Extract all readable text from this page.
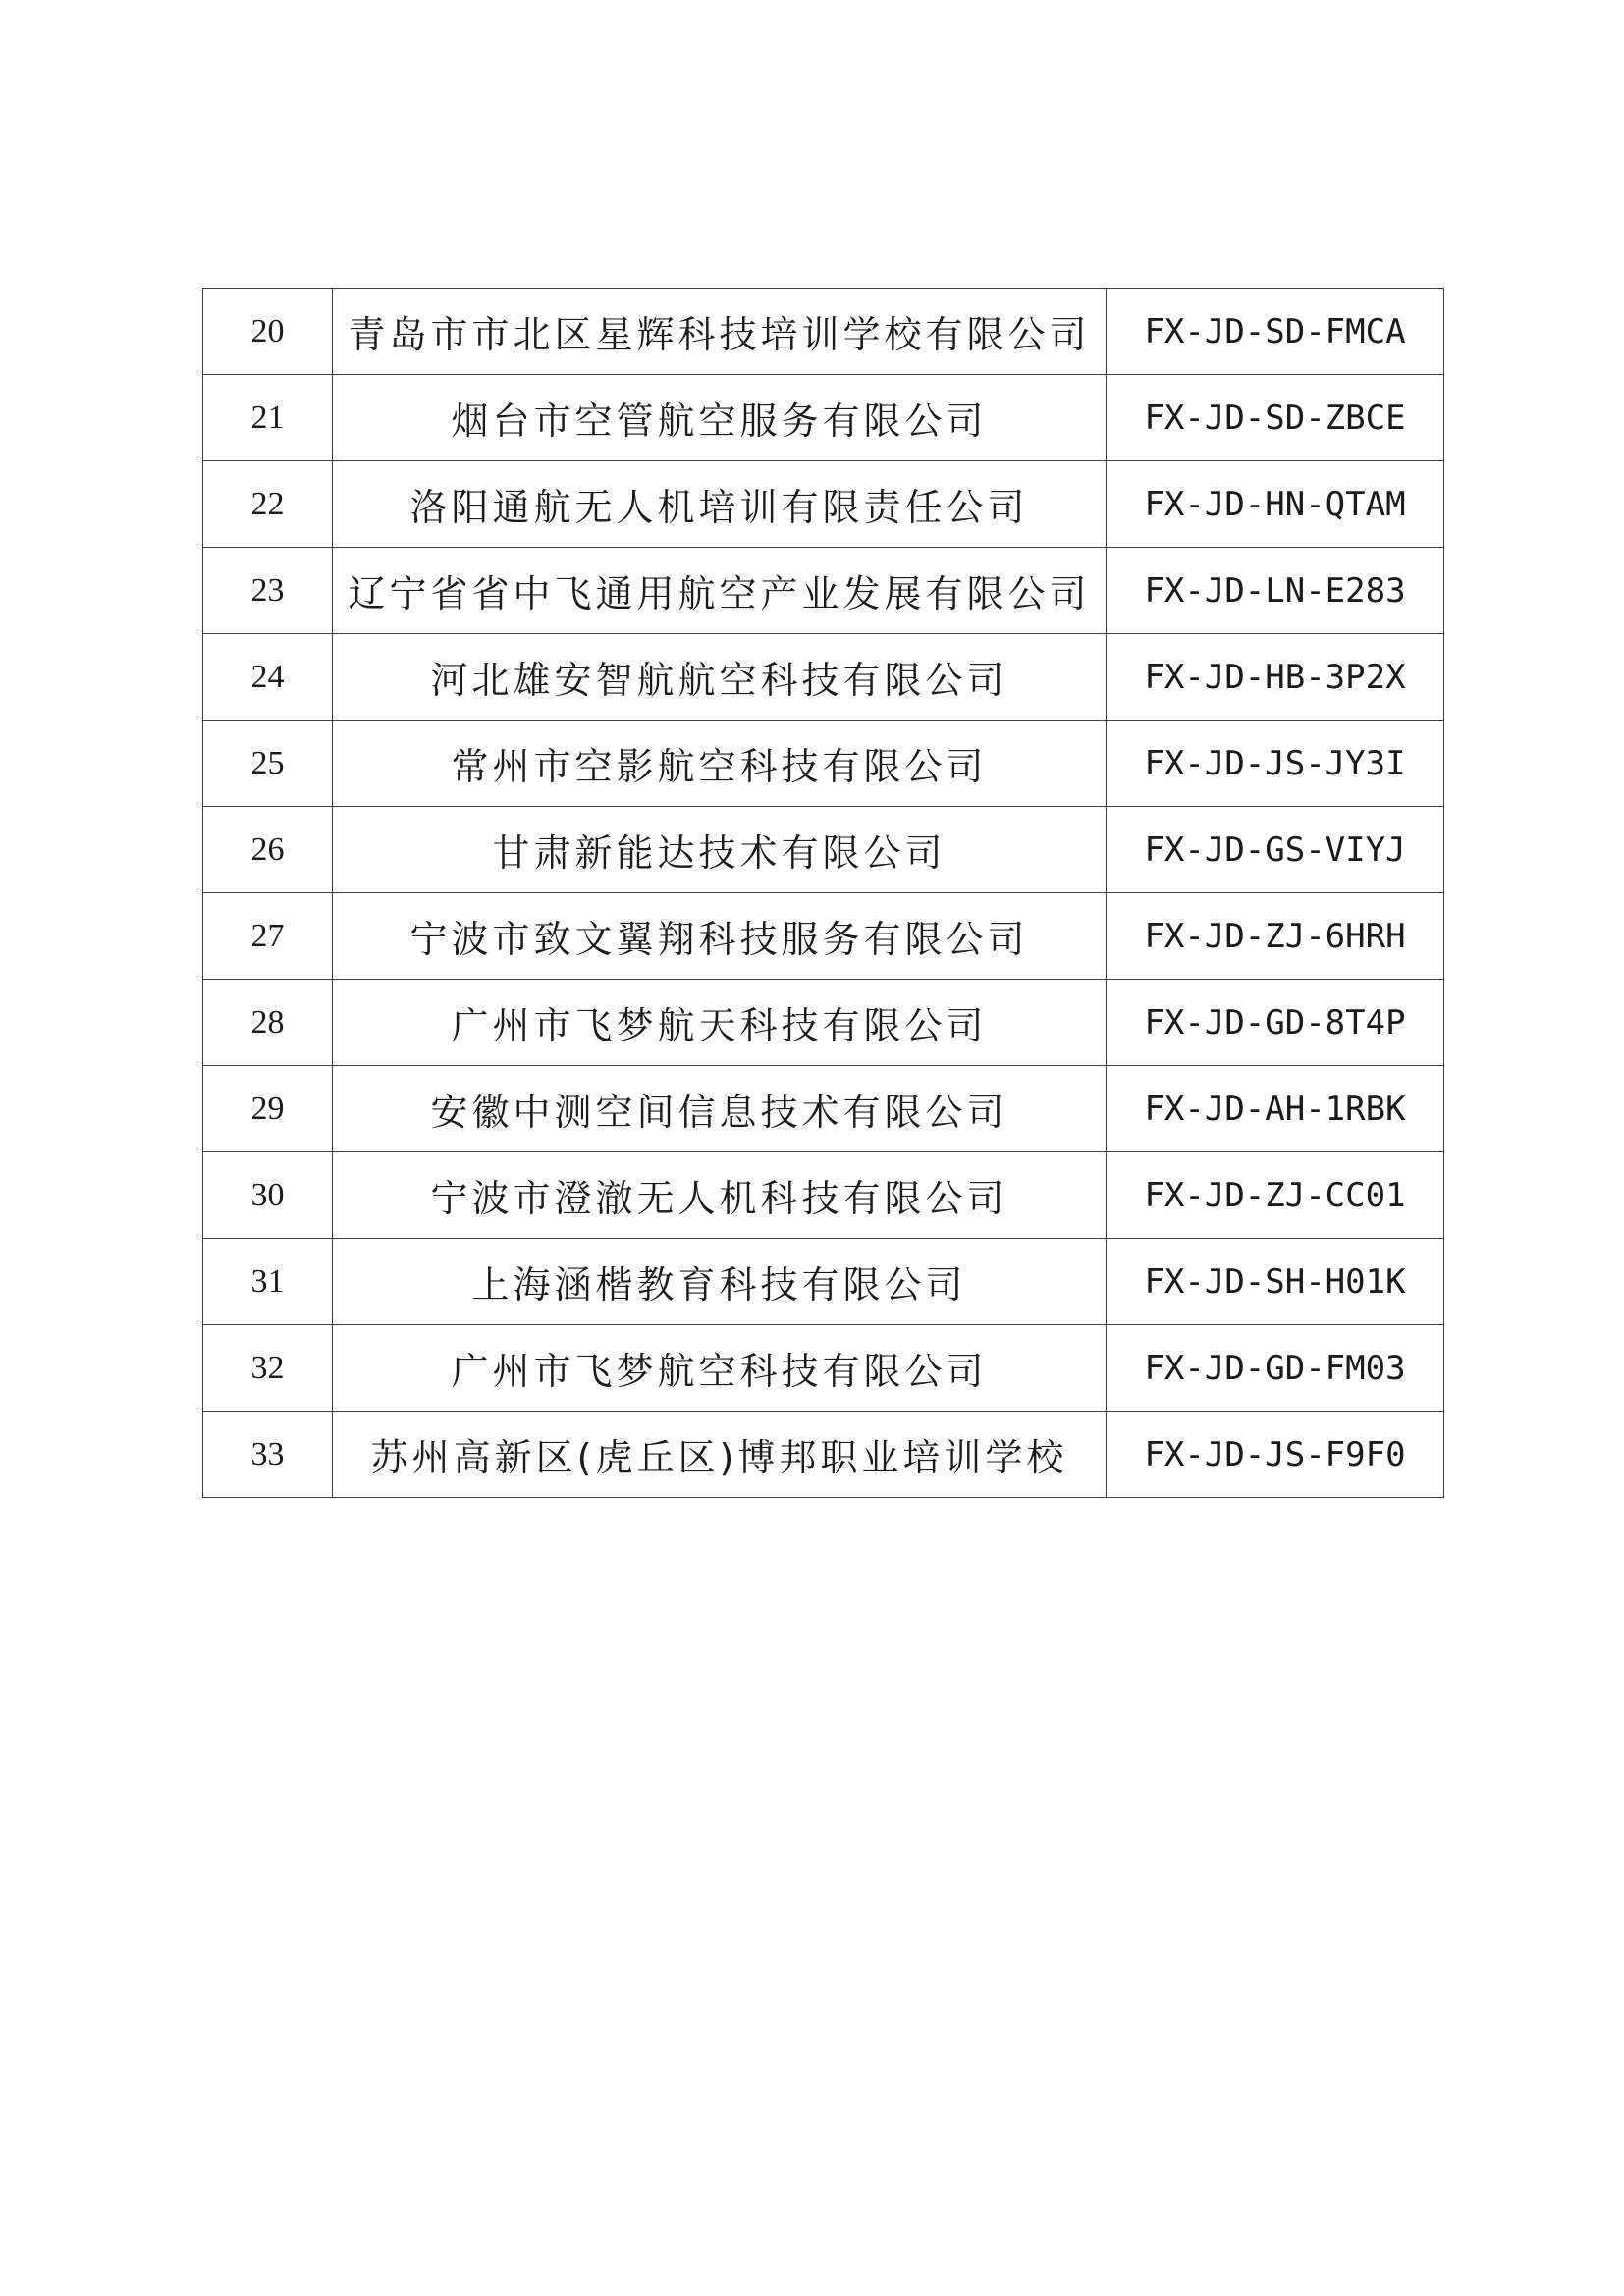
20	青岛市市北区星辉科技培训学校有限公司	FX-JD-SD-FMCA
21	烟台市空管航空服务有限公司	FX-JD-SD-ZBCE
22	洛阳通航无人机培训有限责任公司	FX-JD-HN-QTAM
23	辽宁省省中飞通用航空产业发展有限公司	FX-JD-LN-E283
24	河北雄安智航航空科技有限公司	FX-JD-HB-3P2X
25	常州市空影航空科技有限公司	FX-JD-JS-JY3I
26	甘肃新能达技术有限公司	FX-JD-GS-VIYJ
27	宁波市致文翼翔科技服务有限公司	FX-JD-ZJ-6HRH
28	广州市飞梦航天科技有限公司	FX-JD-GD-8T4P
29	安徽中测空间信息技术有限公司	FX-JD-AH-1RBK
30	宁波市澄澈无人机科技有限公司	FX-JD-ZJ-CC01
31	上海涵楷教育科技有限公司	FX-JD-SH-H01K
32	广州市飞梦航空科技有限公司	FX-JD-GD-FM03
33	苏州高新区(虎丘区)博邦职业培训学校	FX-JD-JS-F9F0
